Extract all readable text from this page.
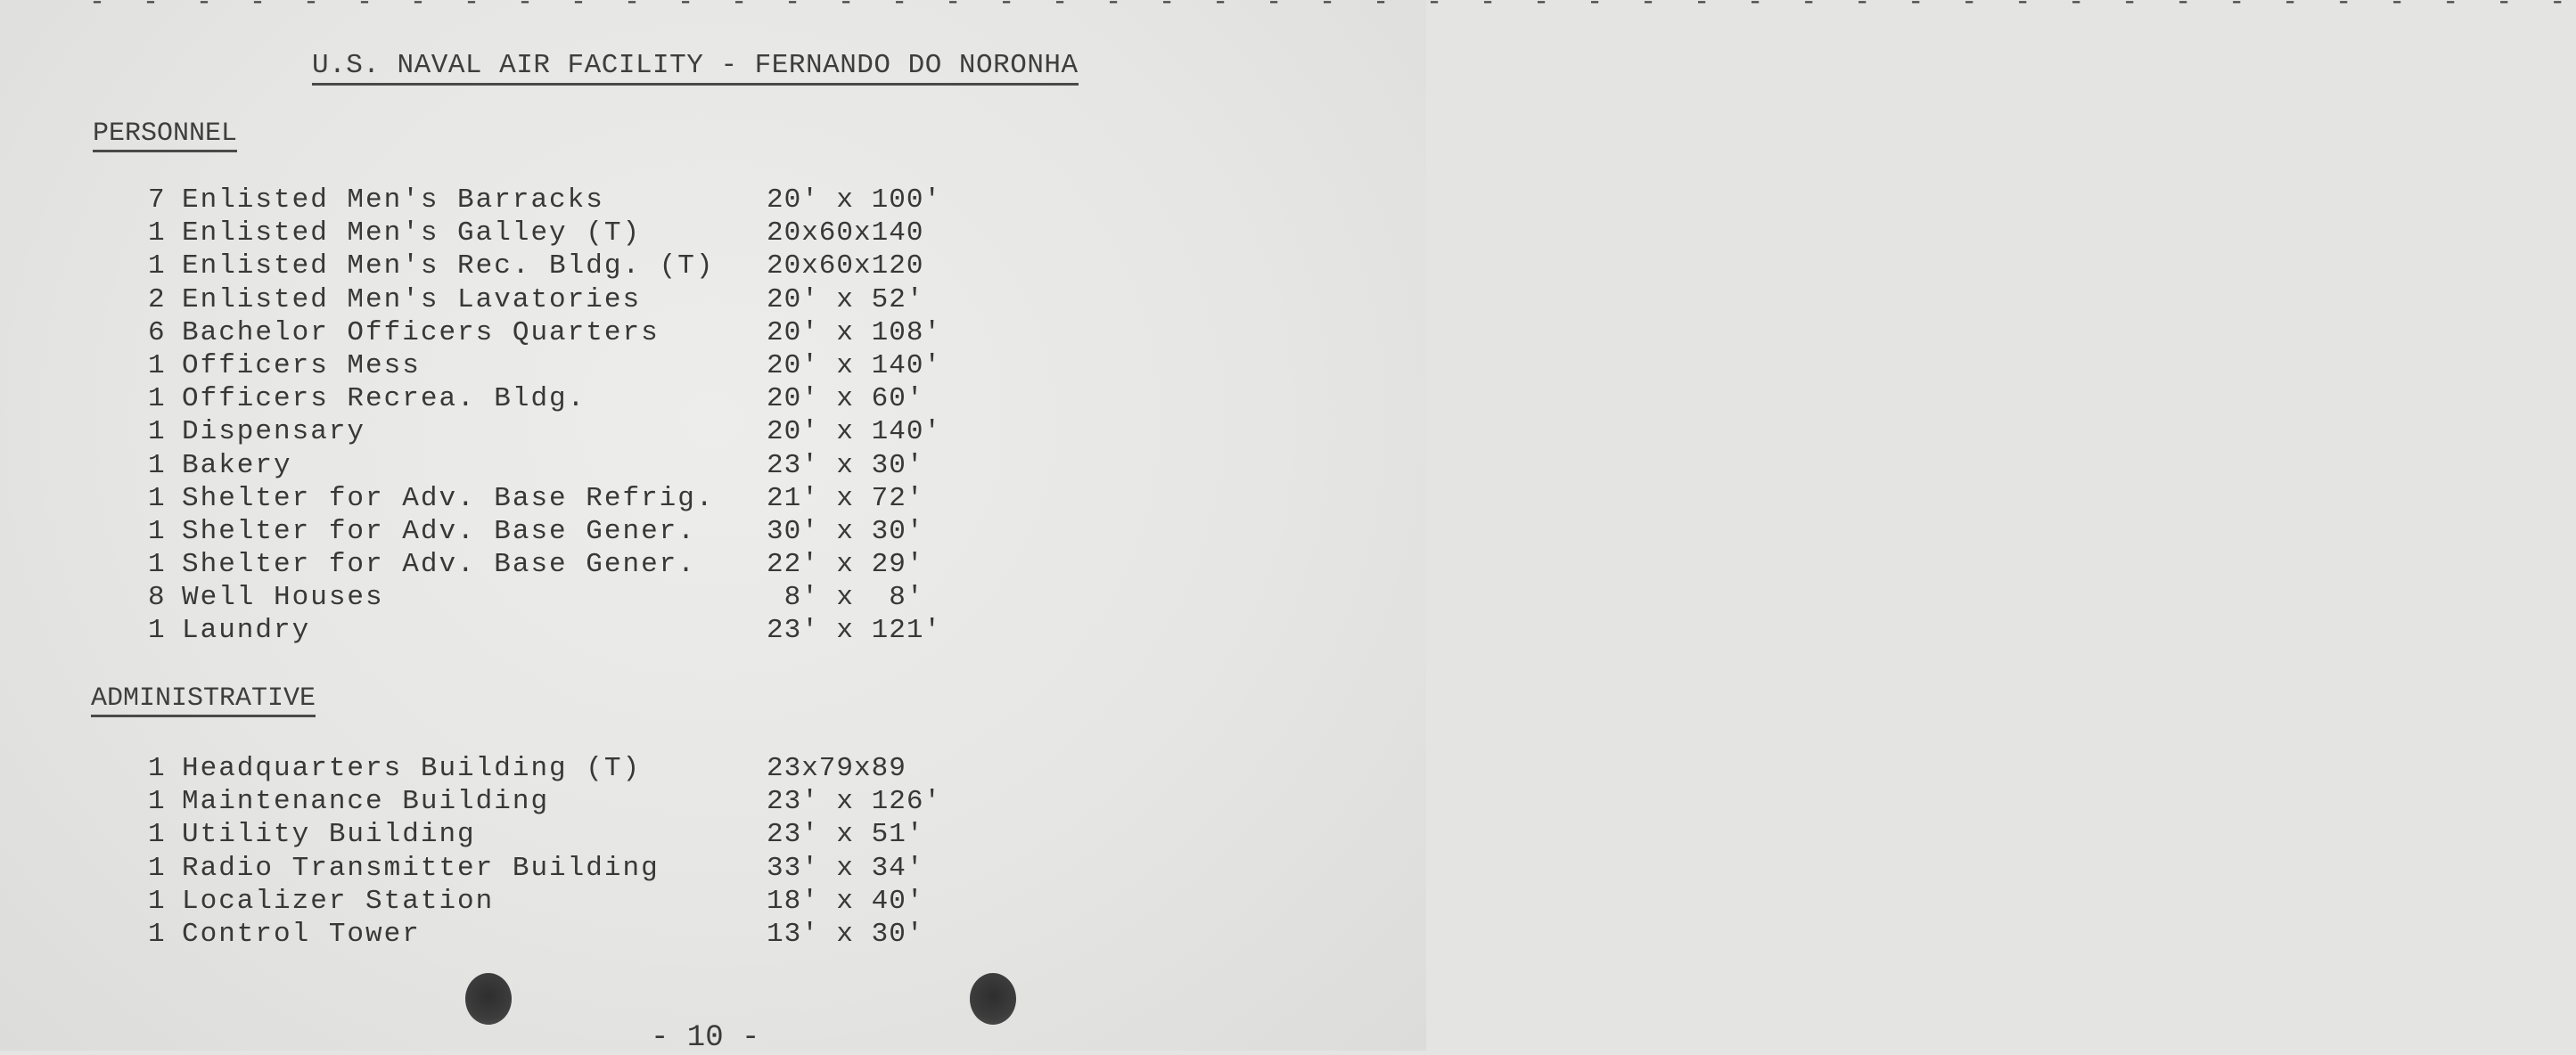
- - - - - - - - - - - - - - - - - - - - - - - - - - - - - - - - - - - - - - - - - - - - - - -
U.S. NAVAL AIR FACILITY - FERNANDO DO NORONHA
PERSONNEL
7 Enlisted Men's Barracks	20' x 100'
1 Enlisted Men's Galley (T)	20x60x140
1 Enlisted Men's Rec. Bldg. (T) 20x60x120
2 Enlisted Men's Lavatories	20' x 52'
6 Bachelor Officers Quarters	20' x 108'
1 Officers Mess	20' x 140'
1 Officers Recrea. Bldg.	20' x 60'
1 Dispensary	20' x 140'
1 Bakery	23' x 30'
1 Shelter for Adv. Base Refrig. 21' x 72'
1 Shelter for Adv. Base Gener.	30' x 30'
1 Shelter for Adv. Base Gener.	22' x 29'
8 Well Houses	8' x  8'
1 Laundry	23' x 121'
ADMINISTRATIVE
1 Headquarters Building (T)	23x79x89
1 Maintenance Building	23' x 126'
1 Utility Building	23' x 51'
1 Radio Transmitter Building	33' x 34'
1 Localizer Station	18' x 40'
1 Control Tower	13' x 30'
- 10 -
